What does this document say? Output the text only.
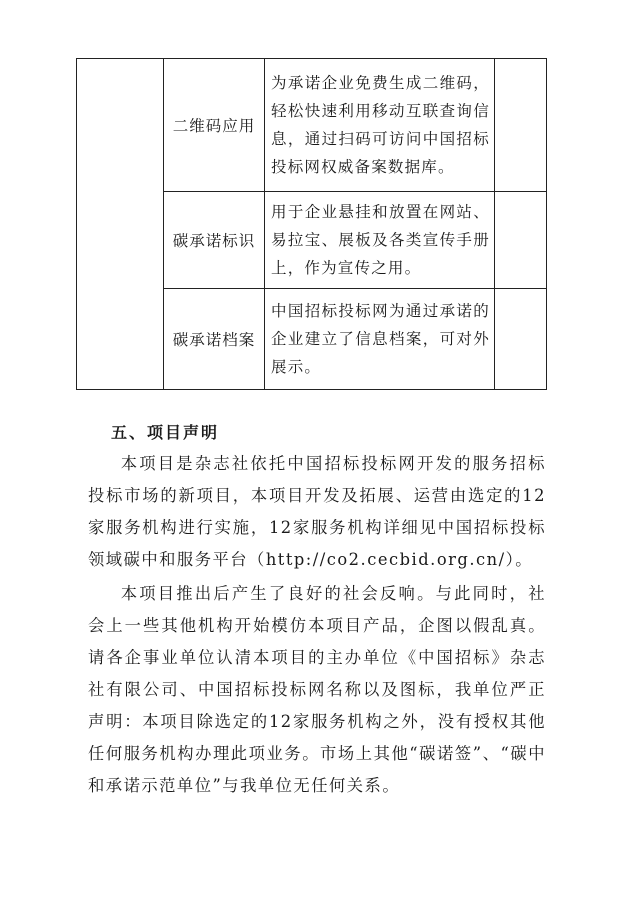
	二维码应用	为承诺企业免费生成二维码，轻松快速利用移动互联查询信息，通过扫码可访问中国招标投标网权威备案数据库。	
	碳承诺标识	用于企业悬挂和放置在网站、易拉宝、展板及各类宣传手册上，作为宣传之用。	
	碳承诺档案	中国招标投标网为通过承诺的企业建立了信息档案，可对外展示。	
五、项目声明

本项目是杂志社依托中国招标投标网开发的服务招标投标市场的新项目，本项目开发及拓展、运营由选定的12家服务机构进行实施，12家服务机构详细见中国招标投标领域碳中和服务平台（http://co2.cecbid.org.cn/）。

本项目推出后产生了良好的社会反响。与此同时，社会上一些其他机构开始模仿本项目产品，企图以假乱真。请各企事业单位认清本项目的主办单位《中国招标》杂志社有限公司、中国招标投标网名称以及图标，我单位严正声明：本项目除选定的12家服务机构之外，没有授权其他任何服务机构办理此项业务。市场上其他“碳诺签”、“碳中和承诺示范单位”与我单位无任何关系。
